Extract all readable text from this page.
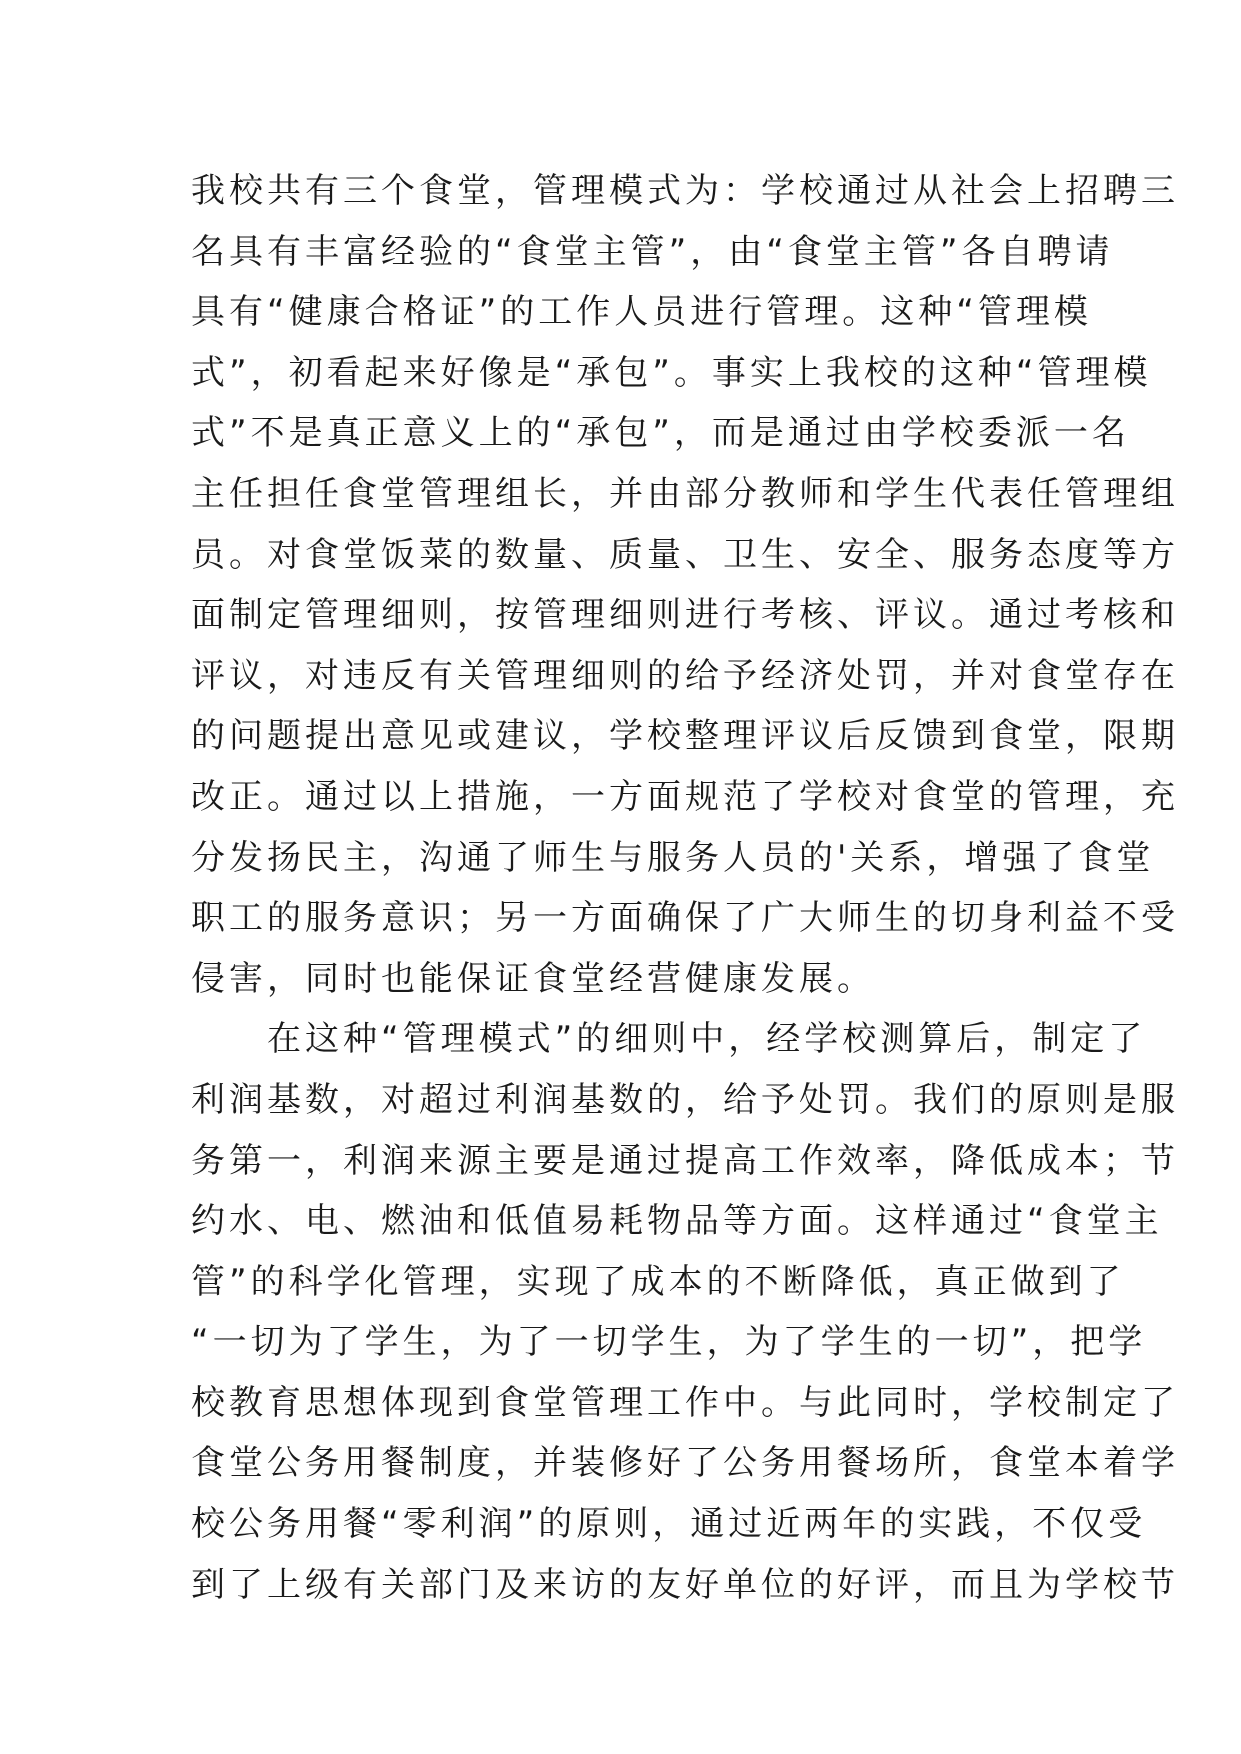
我校共有三个食堂，管理模式为：学校通过从社会上招聘三
名具有丰富经验的“食堂主管”，由“食堂主管”各自聘请
具有“健康合格证”的工作人员进行管理。这种“管理模
式”，初看起来好像是“承包”。事实上我校的这种“管理模
式”不是真正意义上的“承包”，而是通过由学校委派一名
主任担任食堂管理组长，并由部分教师和学生代表任管理组
员。对食堂饭菜的数量、质量、卫生、安全、服务态度等方
面制定管理细则，按管理细则进行考核、评议。通过考核和
评议，对违反有关管理细则的给予经济处罚，并对食堂存在
的问题提出意见或建议，学校整理评议后反馈到食堂，限期
改正。通过以上措施，一方面规范了学校对食堂的管理，充
分发扬民主，沟通了师生与服务人员的'关系，增强了食堂
职工的服务意识；另一方面确保了广大师生的切身利益不受
侵害，同时也能保证食堂经营健康发展。
　　在这种“管理模式”的细则中，经学校测算后，制定了
利润基数，对超过利润基数的，给予处罚。我们的原则是服
务第一，利润来源主要是通过提高工作效率，降低成本；节
约水、电、燃油和低值易耗物品等方面。这样通过“食堂主
管”的科学化管理，实现了成本的不断降低，真正做到了
“一切为了学生，为了一切学生，为了学生的一切”，把学
校教育思想体现到食堂管理工作中。与此同时，学校制定了
食堂公务用餐制度，并装修好了公务用餐场所，食堂本着学
校公务用餐“零利润”的原则，通过近两年的实践，不仅受
到了上级有关部门及来访的友好单位的好评，而且为学校节
